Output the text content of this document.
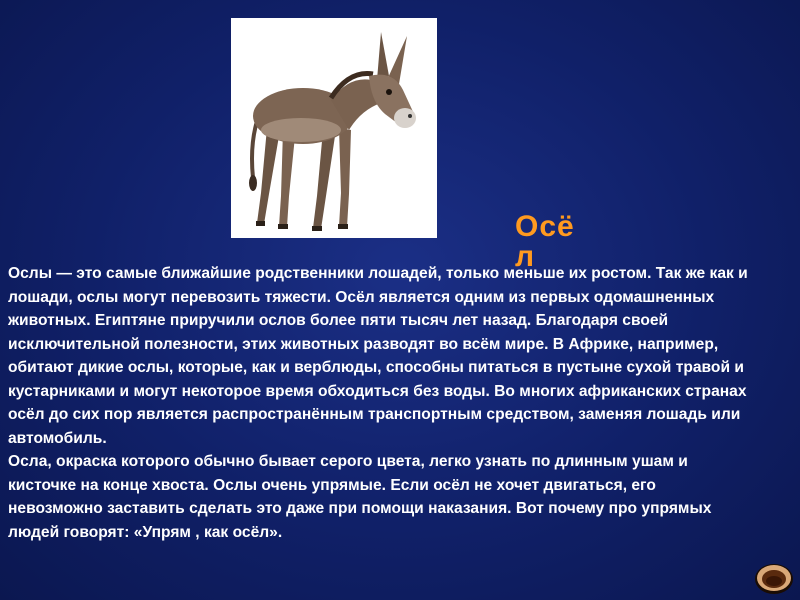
Осёл

Ослы — это самые ближайшие родственники лошадей, только меньше их ростом. Так же как и лошади, ослы могут перевозить тяжести. Осёл является одним из первых одомашненных животных. Египтяне приручили ослов более пяти тысяч лет назад. Благодаря своей исключительной полезности, этих животных разводят во всём мире. В Африке, например, обитают дикие ослы, которые, как и верблюды, способны питаться в пустыне сухой травой и кустарниками и могут некоторое время обходиться без воды. Во многих африканских странах осёл до сих пор является распространённым транспортным средством, заменяя лошадь или автомобиль.

Осла, окраска которого обычно бывает серого цвета, легко узнать по длинным ушам и кисточке на конце хвоста. Ослы очень упрямые. Если осёл не хочет двигаться, его невозможно заставить сделать это даже при помощи наказания. Вот почему про упрямых людей говорят: «Упрям , как осёл».
